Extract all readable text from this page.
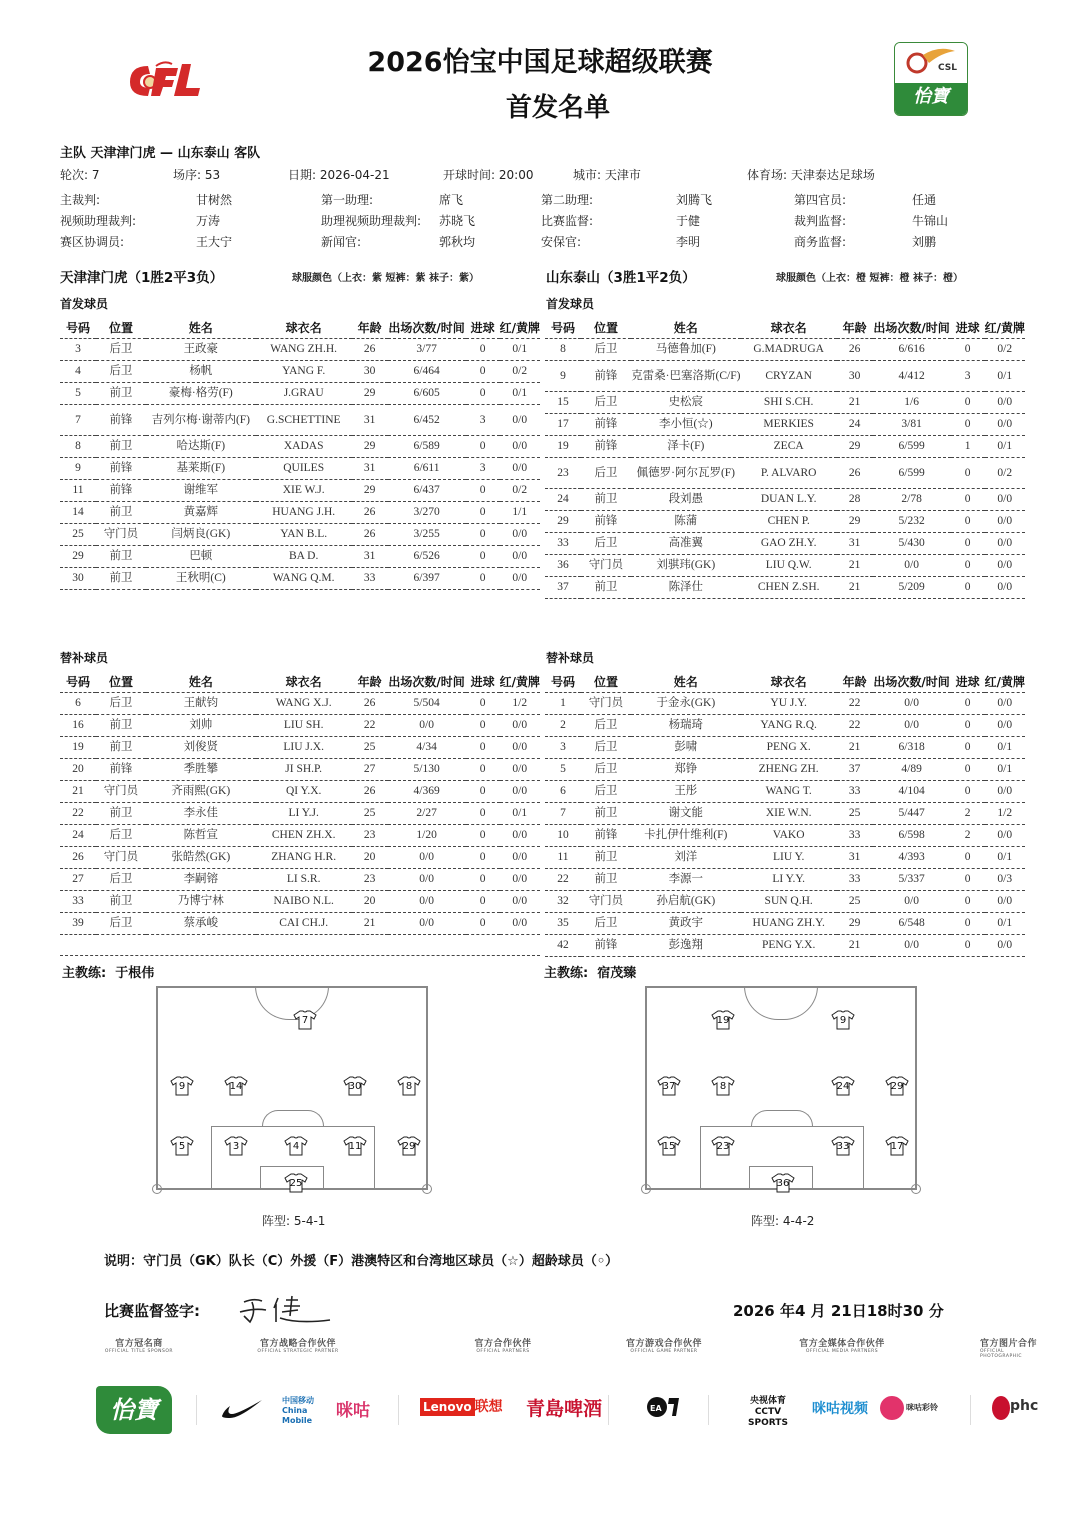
2026怡宝中国足球超级联赛
首发名单
CSL
怡寶
主队 天津津门虎 — 山东泰山 客队
轮次: 7	场序: 53	日期: 2026-04-21	开球时间: 20:00	城市: 天津市	体育场: 天津泰达足球场
主裁判:	甘树然	第一助理:	席飞	第二助理:	刘腾飞	第四官员:	任通
视频助理裁判:	万涛	助理视频助理裁判: 苏晓飞	比赛监督:	于健	裁判监督:	牛锦山
赛区协调员:	王大宁	新闻官:	郭秋均	安保官:	李明	商务监督:	刘鹏
天津津门虎（1胜2平3负）	球服颜色（上衣：紫 短裤：紫 袜子：紫）
首发球员
山东泰山（3胜1平2负）	球服颜色（上衣：橙 短裤：橙 袜子：橙）
首发球员
号码	位置	姓名	球衣名	年龄	出场次数/时间	进球	红/黄牌
3	后卫	王政豪	WANG ZH.H.	26	3/77	0	0/1
4	后卫	杨帆	YANG F.	30	6/464	0	0/2
5	前卫	豪梅·格劳(F)	J.GRAU	29	6/605	0	0/1
7	前锋	吉列尔梅·谢蒂内(F)	G.SCHETTINE	31	6/452	3	0/0
8	前卫	哈达斯(F)	XADAS	29	6/589	0	0/0
9	前锋	基莱斯(F)	QUILES	31	6/611	3	0/0
11	前锋	谢维军	XIE W.J.	29	6/437	0	0/2
14	前卫	黄嘉辉	HUANG J.H.	26	3/270	0	1/1
25	守门员	闫炳良(GK)	YAN B.L.	26	3/255	0	0/0
29	前卫	巴顿	BA D.	31	6/526	0	0/0
30	前卫	王秋明(C)	WANG Q.M.	33	6/397	0	0/0
号码	位置	姓名	球衣名	年龄	出场次数/时间	进球	红/黄牌
8	后卫	马德鲁加(F)	G.MADRUGA	26	6/616	0	0/2
9	前锋	克雷桑·巴塞洛斯(C/F)	CRYZAN	30	4/412	3	0/1
15	后卫	史松宸	SHI S.CH.	21	1/6	0	0/0
17	前锋	李小恒(☆)	MERKIES	24	3/81	0	0/0
19	前锋	泽卡(F)	ZECA	29	6/599	1	0/1
23	后卫	佩德罗·阿尔瓦罗(F)	P. ALVARO	26	6/599	0	0/2
24	前卫	段刘愚	DUAN L.Y.	28	2/78	0	0/0
29	前锋	陈蒲	CHEN P.	29	5/232	0	0/0
33	后卫	高准翼	GAO ZH.Y.	31	5/430	0	0/0
36	守门员	刘骐玮(GK)	LIU Q.W.	21	0/0	0	0/0
37	前卫	陈泽仕	CHEN Z.SH.	21	5/209	0	0/0
替补球员	替补球员
号码	位置	姓名	球衣名	年龄	出场次数/时间	进球	红/黄牌
6	后卫	王献钧	WANG X.J.	26	5/504	0	1/2
16	前卫	刘帅	LIU SH.	22	0/0	0	0/0
19	前卫	刘俊贤	LIU J.X.	25	4/34	0	0/0
20	前锋	季胜攀	JI SH.P.	27	5/130	0	0/0
21	守门员	齐雨熙(GK)	QI Y.X.	26	4/369	0	0/0
22	前卫	李永佳	LI Y.J.	25	2/27	0	0/1
24	后卫	陈哲宣	CHEN ZH.X.	23	1/20	0	0/0
26	守门员	张皓然(GK)	ZHANG H.R.	20	0/0	0	0/0
27	后卫	李嗣镕	LI S.R.	23	0/0	0	0/0
33	前卫	乃博宁林	NAIBO N.L.	20	0/0	0	0/0
39	后卫	蔡承峻	CAI CH.J.	21	0/0	0	0/0
号码	位置	姓名	球衣名	年龄	出场次数/时间	进球	红/黄牌
1	守门员	于金永(GK)	YU J.Y.	22	0/0	0	0/0
2	后卫	杨瑞琦	YANG R.Q.	22	0/0	0	0/0
3	后卫	彭啸	PENG X.	21	6/318	0	0/1
5	后卫	郑铮	ZHENG ZH.	37	4/89	0	0/1
6	后卫	王彤	WANG T.	33	4/104	0	0/0
7	前卫	谢文能	XIE W.N.	25	5/447	2	1/2
10	前锋	卡扎伊什维利(F)	VAKO	33	6/598	2	0/0
11	前卫	刘洋	LIU Y.	31	4/393	0	0/1
22	前卫	李源一	LI Y.Y.	33	5/337	0	0/3
32	守门员	孙启航(GK)	SUN Q.H.	25	0/0	0	0/0
35	后卫	黄政宇	HUANG ZH.Y.	29	6/548	0	0/1
42	前锋	彭逸翔	PENG Y.X.	21	0/0	0	0/0
主教练: 于根伟	主教练: 宿茂臻
7
9	14	30	8
5	3	4	11	29
25
阵型: 5-4-1
19	9
37	8	24	29
15	23	33	17
36
阵型: 4-4-2
说明：守门员（GK）队长（C）外援（F）港澳特区和台湾地区球员（☆）超龄球员（◦）
比赛监督签字:	2026 年4 月 21日18时30 分
官方冠名商
OFFICIAL TITLE SPONSOR
官方战略合作伙伴
OFFICIAL STRATEGIC PARTNER
官方合作伙伴
OFFICIAL PARTNERS
官方游戏合作伙伴
OFFICIAL GAME PARTNER
官方全媒体合作伙伴
OFFICIAL MEDIA PARTNERS
官方图片合作
OFFICIAL PHOTOGRAPHIC
怡寶	中国移动 China Mobile	咪咕	Lenovo 联想 青島啤酒	EA
央视体育 CCTV SPORTS
咪咕视频	咪咕彩铃	phc
